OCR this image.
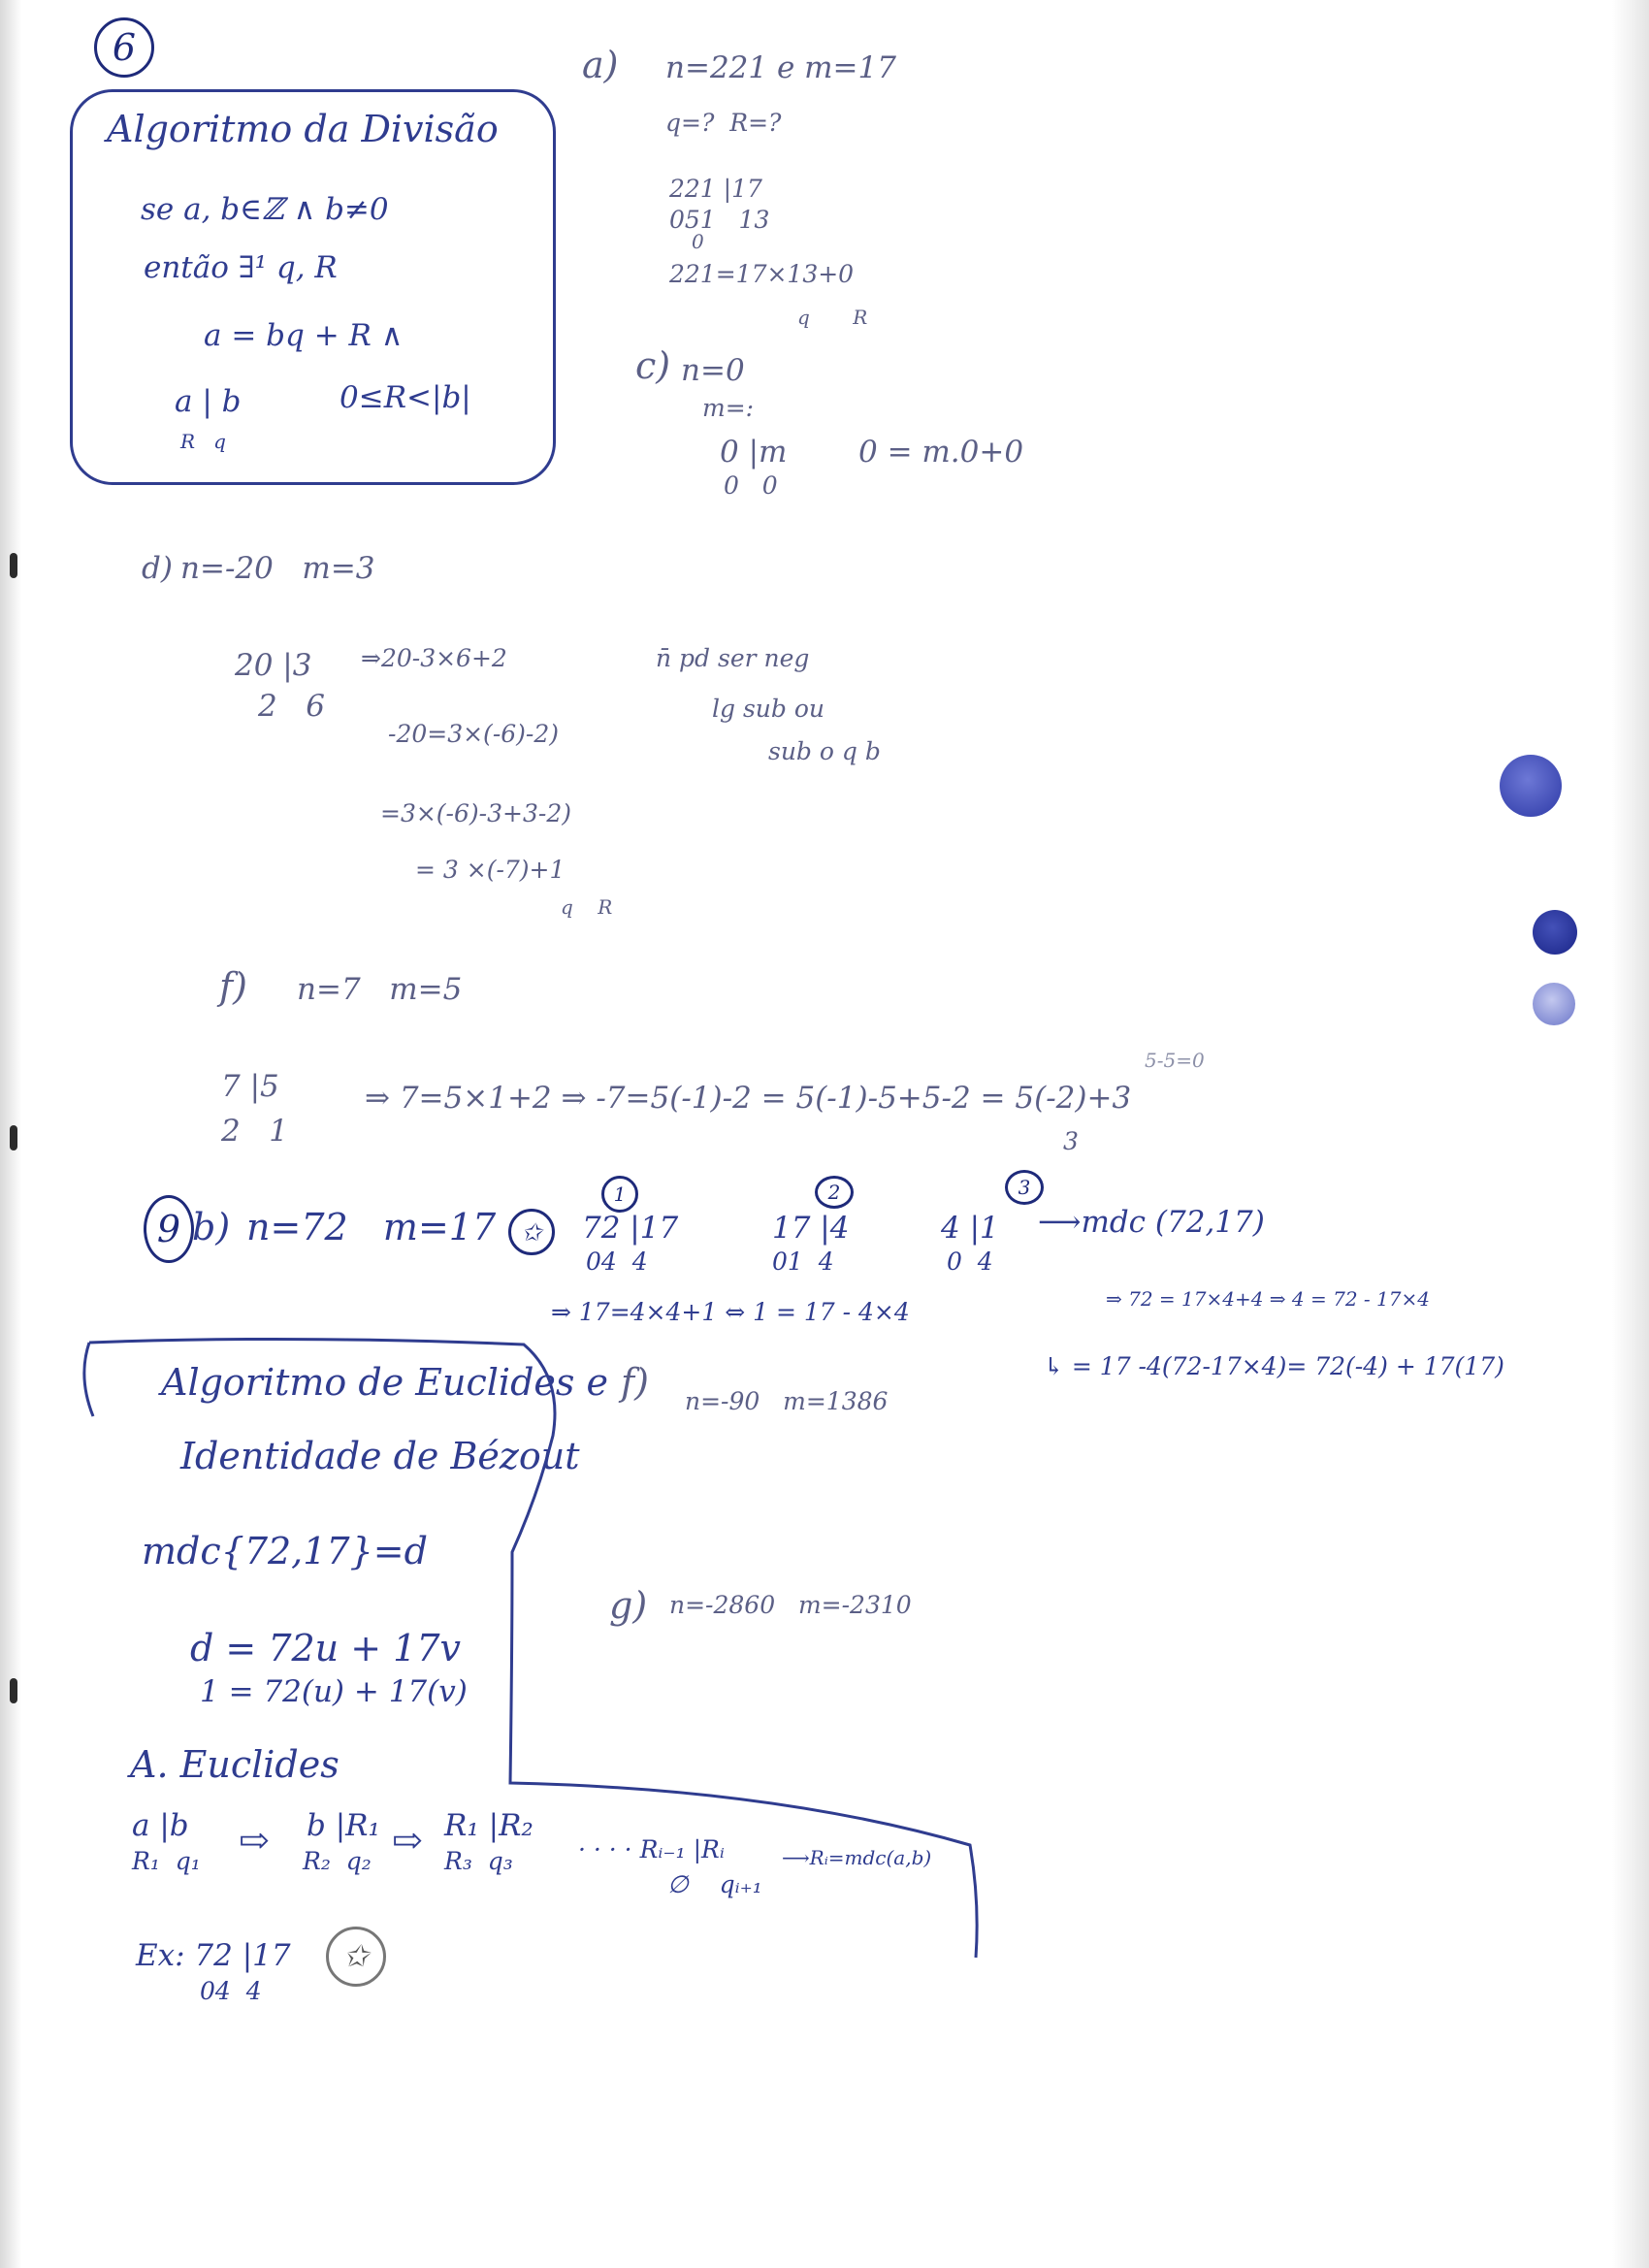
6

Algoritmo da Divisão

se a, b∈ℤ ∧ b≠0

então ∃¹ q, R

a = bq + R ∧

a | b

R   q

0≤R<|b|

a) n=221 e m=17

q=?  R=?

221 |17

051   13

0

221=17×13+0

q       R

c) n=0

m=:

0 |m

0   0

0 = m.0+0

d) n=-20   m=3

20 |3

2   6

⇒20-3×6+2	n̄ pd ser neg

lg sub ou

sub o q b

-20=3×(-6)-2)

=3×(-6)-3+3-2)

= 3 ×(-7)+1

q    R

f) n=7   m=5

7 |5

2   1

⇒ 7=5×1+2 ⇒ -7=5(-1)-2 = 5(-1)-5+5-2 = 5(-2)+3

3

5-5=0

9 b) n=72   m=17 ✩
1	2	3

72 |17

04  4

17 |4

01  4

4 |1

0  4

⟶mdc (72,17)

⇒ 17=4×4+1 ⇔ 1 = 17 - 4×4	⇒ 72 = 17×4+4 ⇒ 4 = 72 - 17×4

↳ = 17 -4(72-17×4)= 72(-4) + 17(17)

f) n=-90   m=1386

g) n=-2860   m=-2310

Algoritmo de Euclides e

Identidade de Bézout

mdc{72,17}=d

d = 72u + 17v

1 = 72(u) + 17(v)

A. Euclides

a |b

R₁  q₁ ⇨ b |R₁

R₂  q₂ ⇨ R₁ |R₂

R₃  q₃	· · · · Rᵢ₋₁ |Rᵢ

∅    qᵢ₊₁

⟶Rᵢ=mdc(a,b)

Ex: 72 |17

04  4

✩
